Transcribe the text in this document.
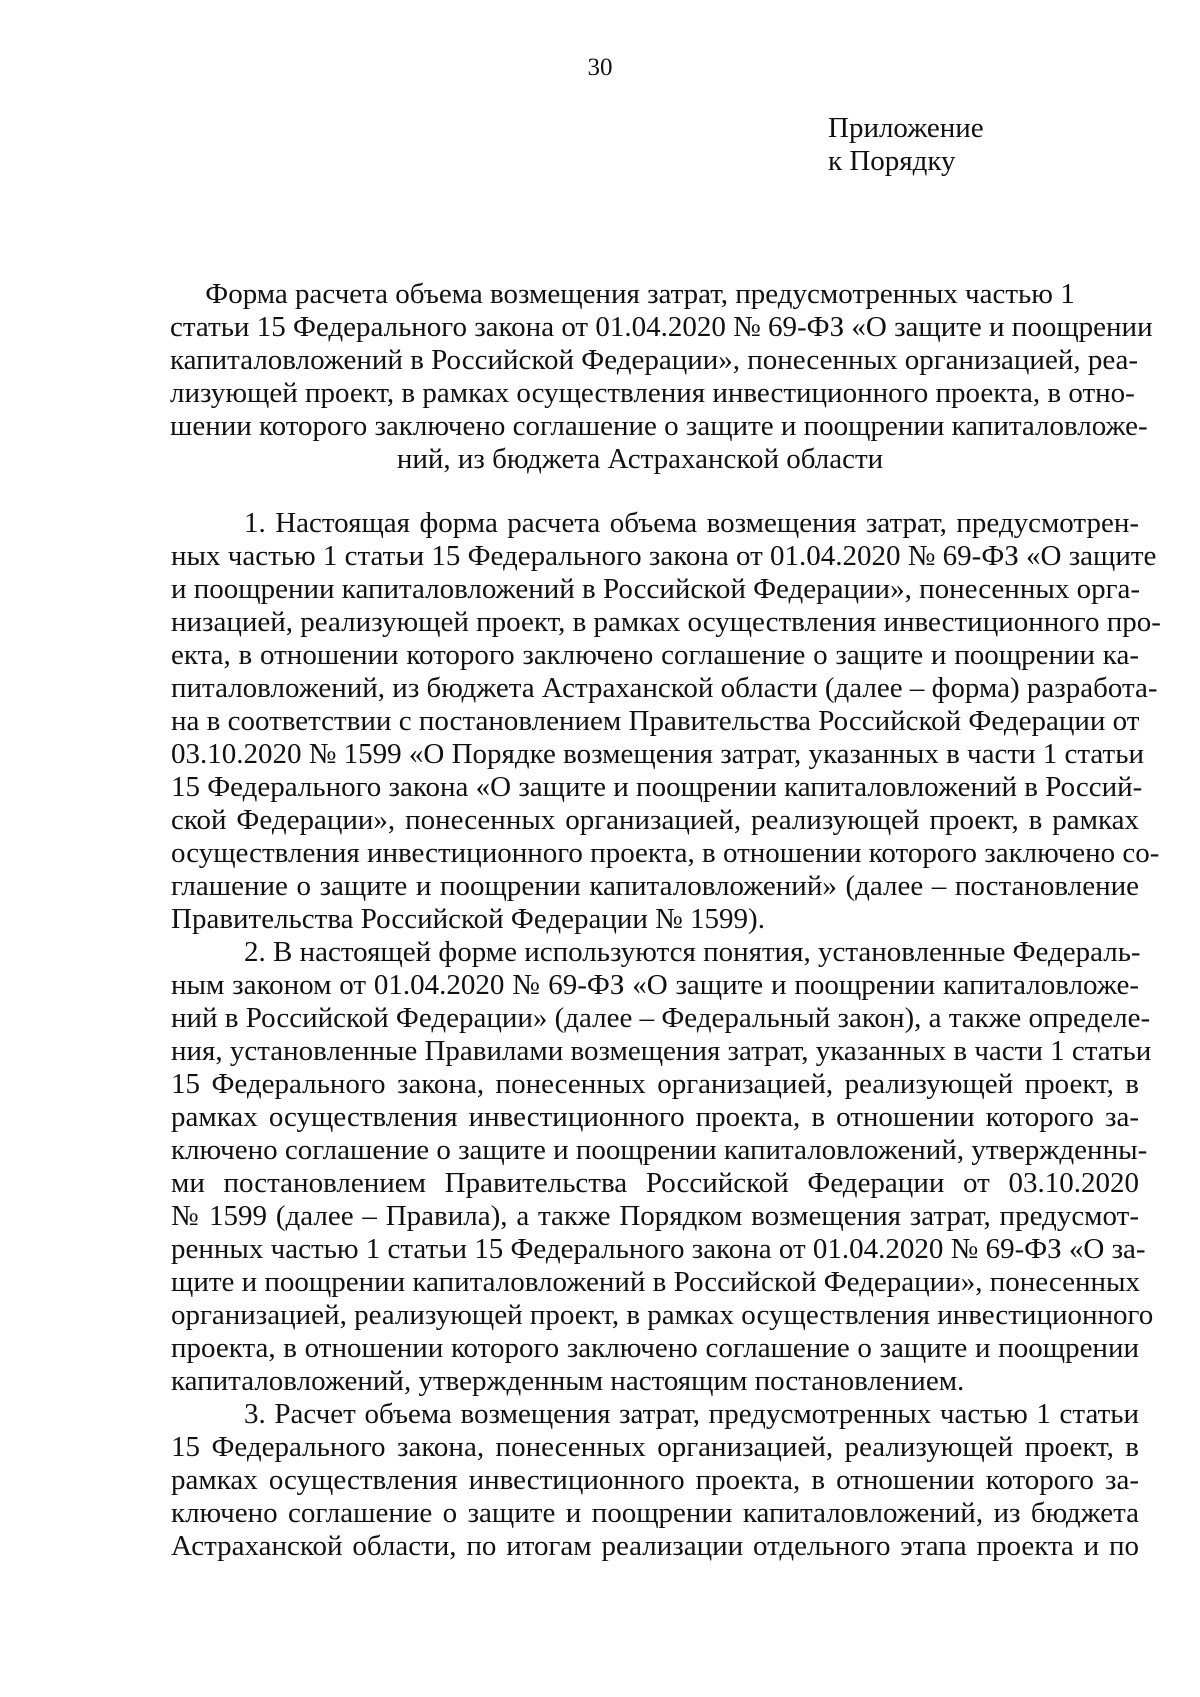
30
Приложение
к Порядку
Форма расчета объема возмещения затрат, предусмотренных частью 1
статьи 15 Федерального закона от 01.04.2020 № 69-ФЗ «О защите и поощрении
капиталовложений в Российской Федерации», понесенных организацией, реа-
лизующей проект, в рамках осуществления инвестиционного проекта, в отно-
шении которого заключено соглашение о защите и поощрении капиталовложе-
ний, из бюджета Астраханской области
1. Настоящая форма расчета объема возмещения затрат, предусмотрен-
ных частью 1 статьи 15 Федерального закона от 01.04.2020 № 69-ФЗ «О защите
и поощрении капиталовложений в Российской Федерации», понесенных орга-
низацией, реализующей проект, в рамках осуществления инвестиционного про-
екта, в отношении которого заключено соглашение о защите и поощрении ка-
питаловложений, из бюджета Астраханской области (далее – форма) разработа-
на в соответствии с постановлением Правительства Российской Федерации от
03.10.2020 № 1599 «О Порядке возмещения затрат, указанных в части 1 статьи
15 Федерального закона «О защите и поощрении капиталовложений в Россий-
ской Федерации», понесенных организацией, реализующей проект, в рамках
осуществления инвестиционного проекта, в отношении которого заключено со-
глашение о защите и поощрении капиталовложений» (далее – постановление
Правительства Российской Федерации № 1599).
2. В настоящей форме используются понятия, установленные Федераль-
ным законом от 01.04.2020 № 69-ФЗ «О защите и поощрении капиталовложе-
ний в Российской Федерации» (далее – Федеральный закон), а также определе-
ния, установленные Правилами возмещения затрат, указанных в части 1 статьи
15 Федерального закона, понесенных организацией, реализующей проект, в
рамках осуществления инвестиционного проекта, в отношении которого за-
ключено соглашение о защите и поощрении капиталовложений, утвержденны-
ми постановлением Правительства Российской Федерации от 03.10.2020
№ 1599 (далее – Правила), а также Порядком возмещения затрат, предусмот-
ренных частью 1 статьи 15 Федерального закона от 01.04.2020 № 69-ФЗ «О за-
щите и поощрении капиталовложений в Российской Федерации», понесенных
организацией, реализующей проект, в рамках осуществления инвестиционного
проекта, в отношении которого заключено соглашение о защите и поощрении
капиталовложений, утвержденным настоящим постановлением.
3. Расчет объема возмещения затрат, предусмотренных частью 1 статьи
15 Федерального закона, понесенных организацией, реализующей проект, в
рамках осуществления инвестиционного проекта, в отношении которого за-
ключено соглашение о защите и поощрении капиталовложений, из бюджета
Астраханской области, по итогам реализации отдельного этапа проекта и по
